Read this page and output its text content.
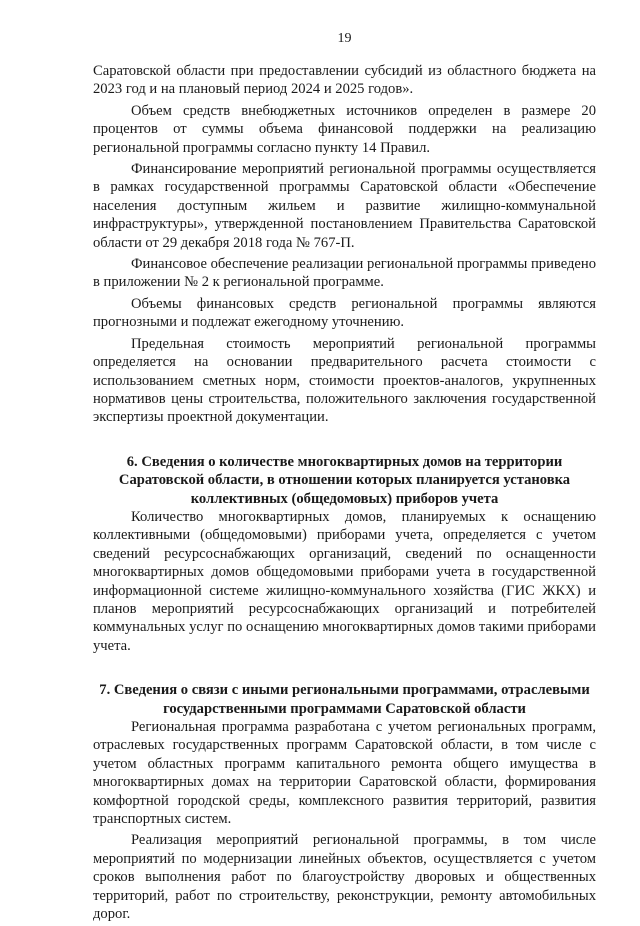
19

Саратовской области при предоставлении субсидий из областного бюджета на 2023 год и на плановый период 2024 и 2025 годов».

Объем средств внебюджетных источников определен в размере 20 процентов от суммы объема финансовой поддержки на реализацию региональной программы согласно пункту 14 Правил.

Финансирование мероприятий региональной программы осуществляется в рамках государственной программы Саратовской области «Обеспечение населения доступным жильем и развитие жилищно-коммунальной инфраструктуры», утвержденной постановлением Правительства Саратовской области от 29 декабря 2018 года № 767-П.

Финансовое обеспечение реализации региональной программы приведено в приложении № 2 к региональной программе.

Объемы финансовых средств региональной программы являются прогнозными и подлежат ежегодному уточнению.

Предельная стоимость мероприятий региональной программы определяется на основании предварительного расчета стоимости с использованием сметных норм, стоимости проектов-аналогов, укрупненных нормативов цены строительства, положительного заключения государственной экспертизы проектной документации.

6. Сведения о количестве многоквартирных домов на территории Саратовской области, в отношении которых планируется установка коллективных (общедомовых) приборов учета

Количество многоквартирных домов, планируемых к оснащению коллективными (общедомовыми) приборами учета, определяется с учетом сведений ресурсоснабжающих организаций, сведений по оснащенности многоквартирных домов общедомовыми приборами учета в государственной информационной системе жилищно-коммунального хозяйства (ГИС ЖКХ) и планов мероприятий ресурсоснабжающих организаций и потребителей коммунальных услуг по оснащению многоквартирных домов такими приборами учета.

7. Сведения о связи с иными региональными программами, отраслевыми государственными программами Саратовской области

Региональная программа разработана с учетом региональных программ, отраслевых государственных программ Саратовской области, в том числе с учетом областных программ капитального ремонта общего имущества в многоквартирных домах на территории Саратовской области, формирования комфортной городской среды, комплексного развития территорий, развития транспортных систем.

Реализация мероприятий региональной программы, в том числе мероприятий по модернизации линейных объектов, осуществляется с учетом сроков выполнения работ по благоустройству дворовых и общественных территорий, работ по строительству, реконструкции, ремонту автомобильных дорог.
